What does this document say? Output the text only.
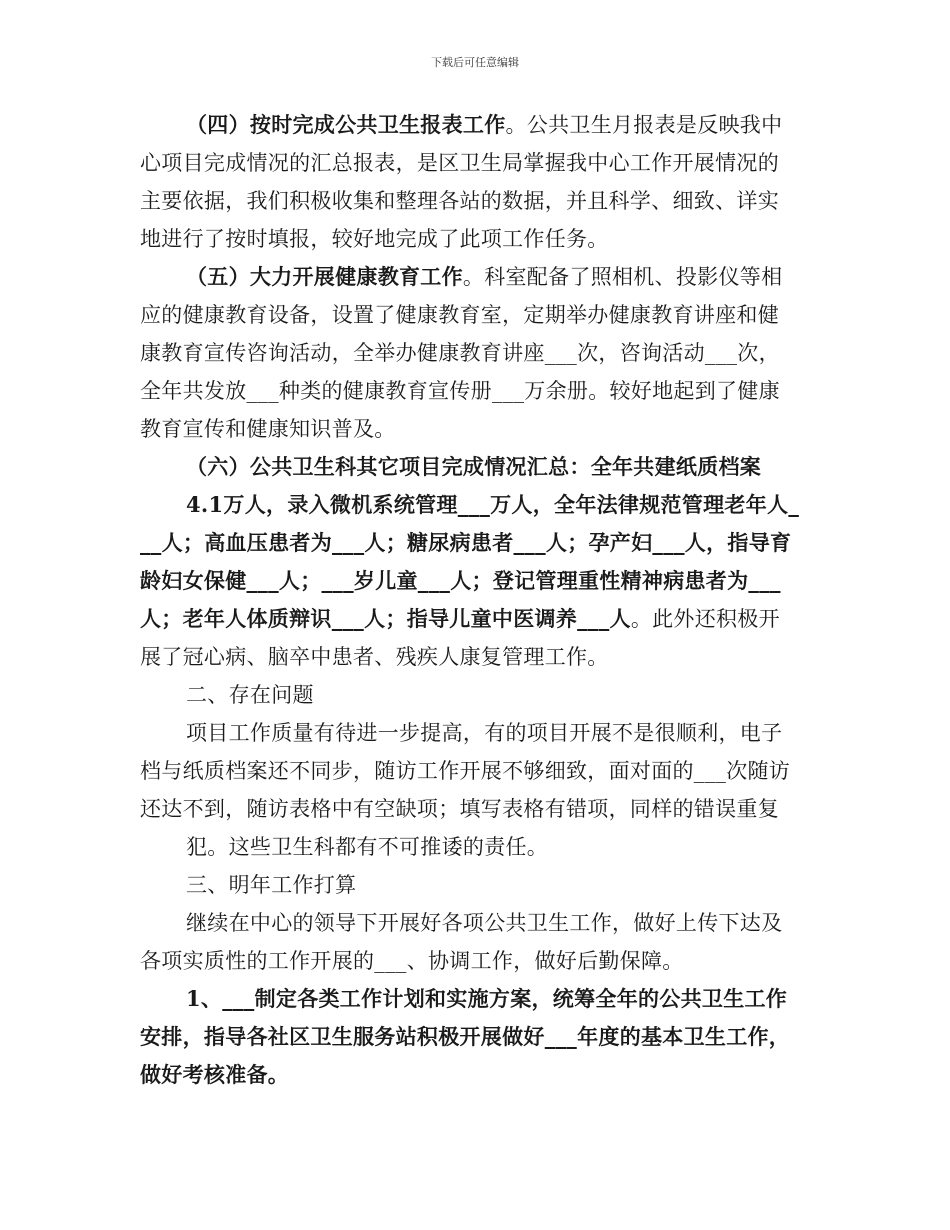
下载后可任意编辑
（四）按时完成公共卫生报表工作。公共卫生月报表是反映我中
心项目完成情况的汇总报表，是区卫生局掌握我中心工作开展情况的
主要依据，我们积极收集和整理各站的数据，并且科学、细致、详实
地进行了按时填报，较好地完成了此项工作任务。
（五）大力开展健康教育工作。科室配备了照相机、投影仪等相
应的健康教育设备，设置了健康教育室，定期举办健康教育讲座和健
康教育宣传咨询活动，全举办健康教育讲座___次，咨询活动___次，
全年共发放___种类的健康教育宣传册___万余册。较好地起到了健康
教育宣传和健康知识普及。
（六）公共卫生科其它项目完成情况汇总：全年共建纸质档案
4.1万人，录入微机系统管理___万人，全年法律规范管理老年人_
__人；高血压患者为___人；糖尿病患者___人；孕产妇___人，指导育
龄妇女保健___人；___岁儿童___人；登记管理重性精神病患者为___
人；老年人体质辩识___人；指导儿童中医调养___人。此外还积极开
展了冠心病、脑卒中患者、残疾人康复管理工作。
二、存在问题
项目工作质量有待进一步提高，有的项目开展不是很顺利，电子
档与纸质档案还不同步，随访工作开展不够细致，面对面的___次随访
还达不到，随访表格中有空缺项；填写表格有错项，同样的错误重复
犯。这些卫生科都有不可推诿的责任。
三、明年工作打算
继续在中心的领导下开展好各项公共卫生工作，做好上传下达及
各项实质性的工作开展的___、协调工作，做好后勤保障。
1、___制定各类工作计划和实施方案，统筹全年的公共卫生工作
安排，指导各社区卫生服务站积极开展做好___年度的基本卫生工作，
做好考核准备。
